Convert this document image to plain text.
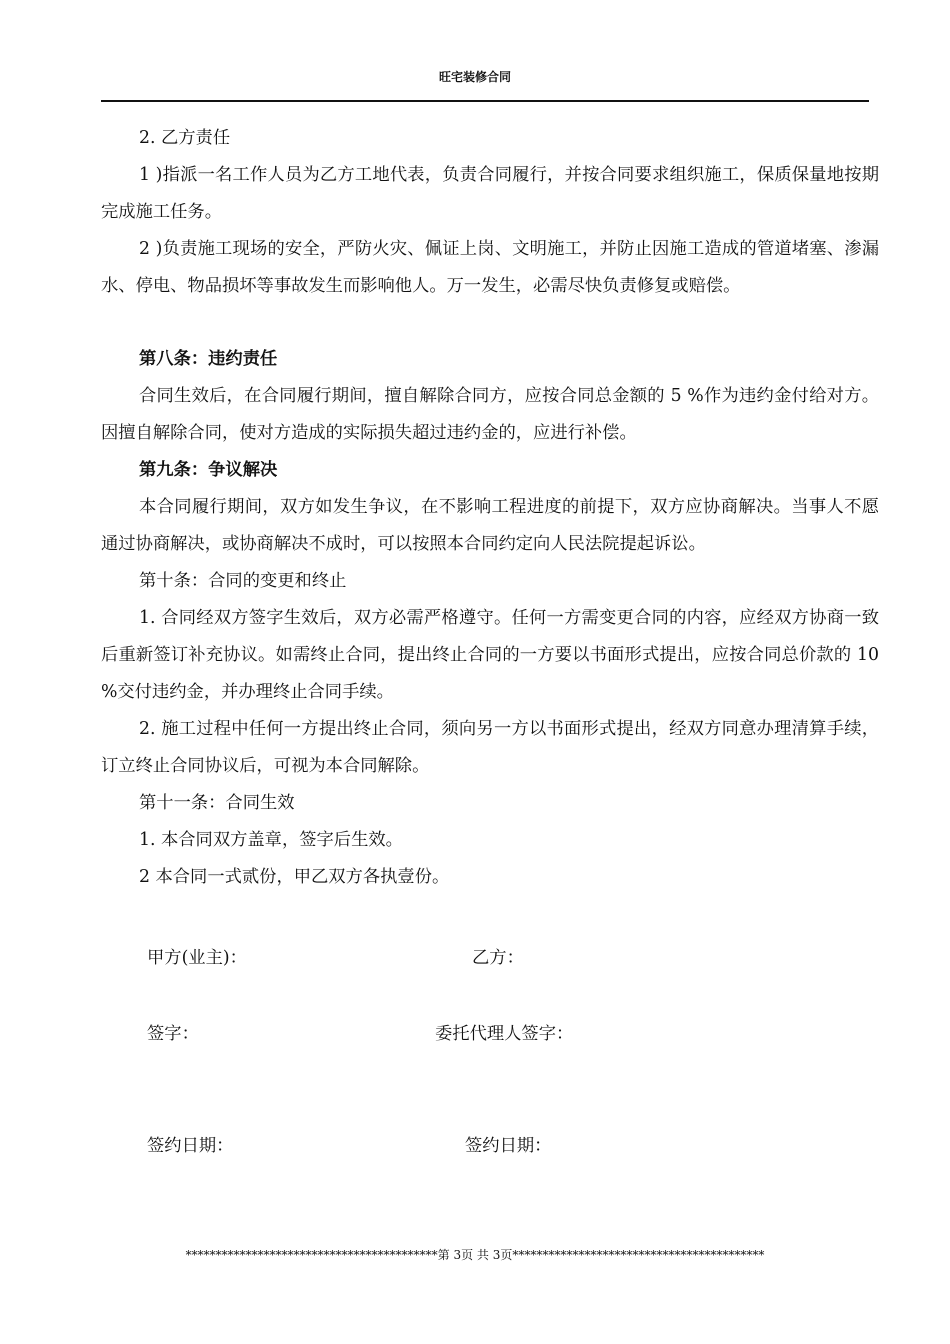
旺宅装修合同

2. 乙方责任

1 )指派一名工作人员为乙方工地代表，负责合同履行，并按合同要求组织施工，保质保量地按期完成施工任务。

2 )负责施工现场的安全，严防火灾、佩证上岗、文明施工，并防止因施工造成的管道堵塞、渗漏水、停电、物品损坏等事故发生而影响他人。万一发生，必需尽快负责修复或赔偿。

第八条：违约责任

合同生效后，在合同履行期间，擅自解除合同方，应按合同总金额的 5 %作为违约金付给对方。因擅自解除合同，使对方造成的实际损失超过违约金的，应进行补偿。

第九条：争议解决

本合同履行期间，双方如发生争议，在不影响工程进度的前提下，双方应协商解决。当事人不愿通过协商解决，或协商解决不成时，可以按照本合同约定向人民法院提起诉讼。

第十条：合同的变更和终止

1. 合同经双方签字生效后，双方必需严格遵守。任何一方需变更合同的内容，应经双方协商一致后重新签订补充协议。如需终止合同，提出终止合同的一方要以书面形式提出，应按合同总价款的 10 %交付违约金，并办理终止合同手续。

2. 施工过程中任何一方提出终止合同，须向另一方以书面形式提出，经双方同意办理清算手续，订立终止合同协议后，可视为本合同解除。

第十一条：合同生效

1. 本合同双方盖章，签字后生效。

2 本合同一式贰份，甲乙双方各执壹份。

甲方(业主)：	乙方：
签字：	委托代理人签字：
签约日期：	签约日期：
******************************************第 3页 共 3页******************************************
